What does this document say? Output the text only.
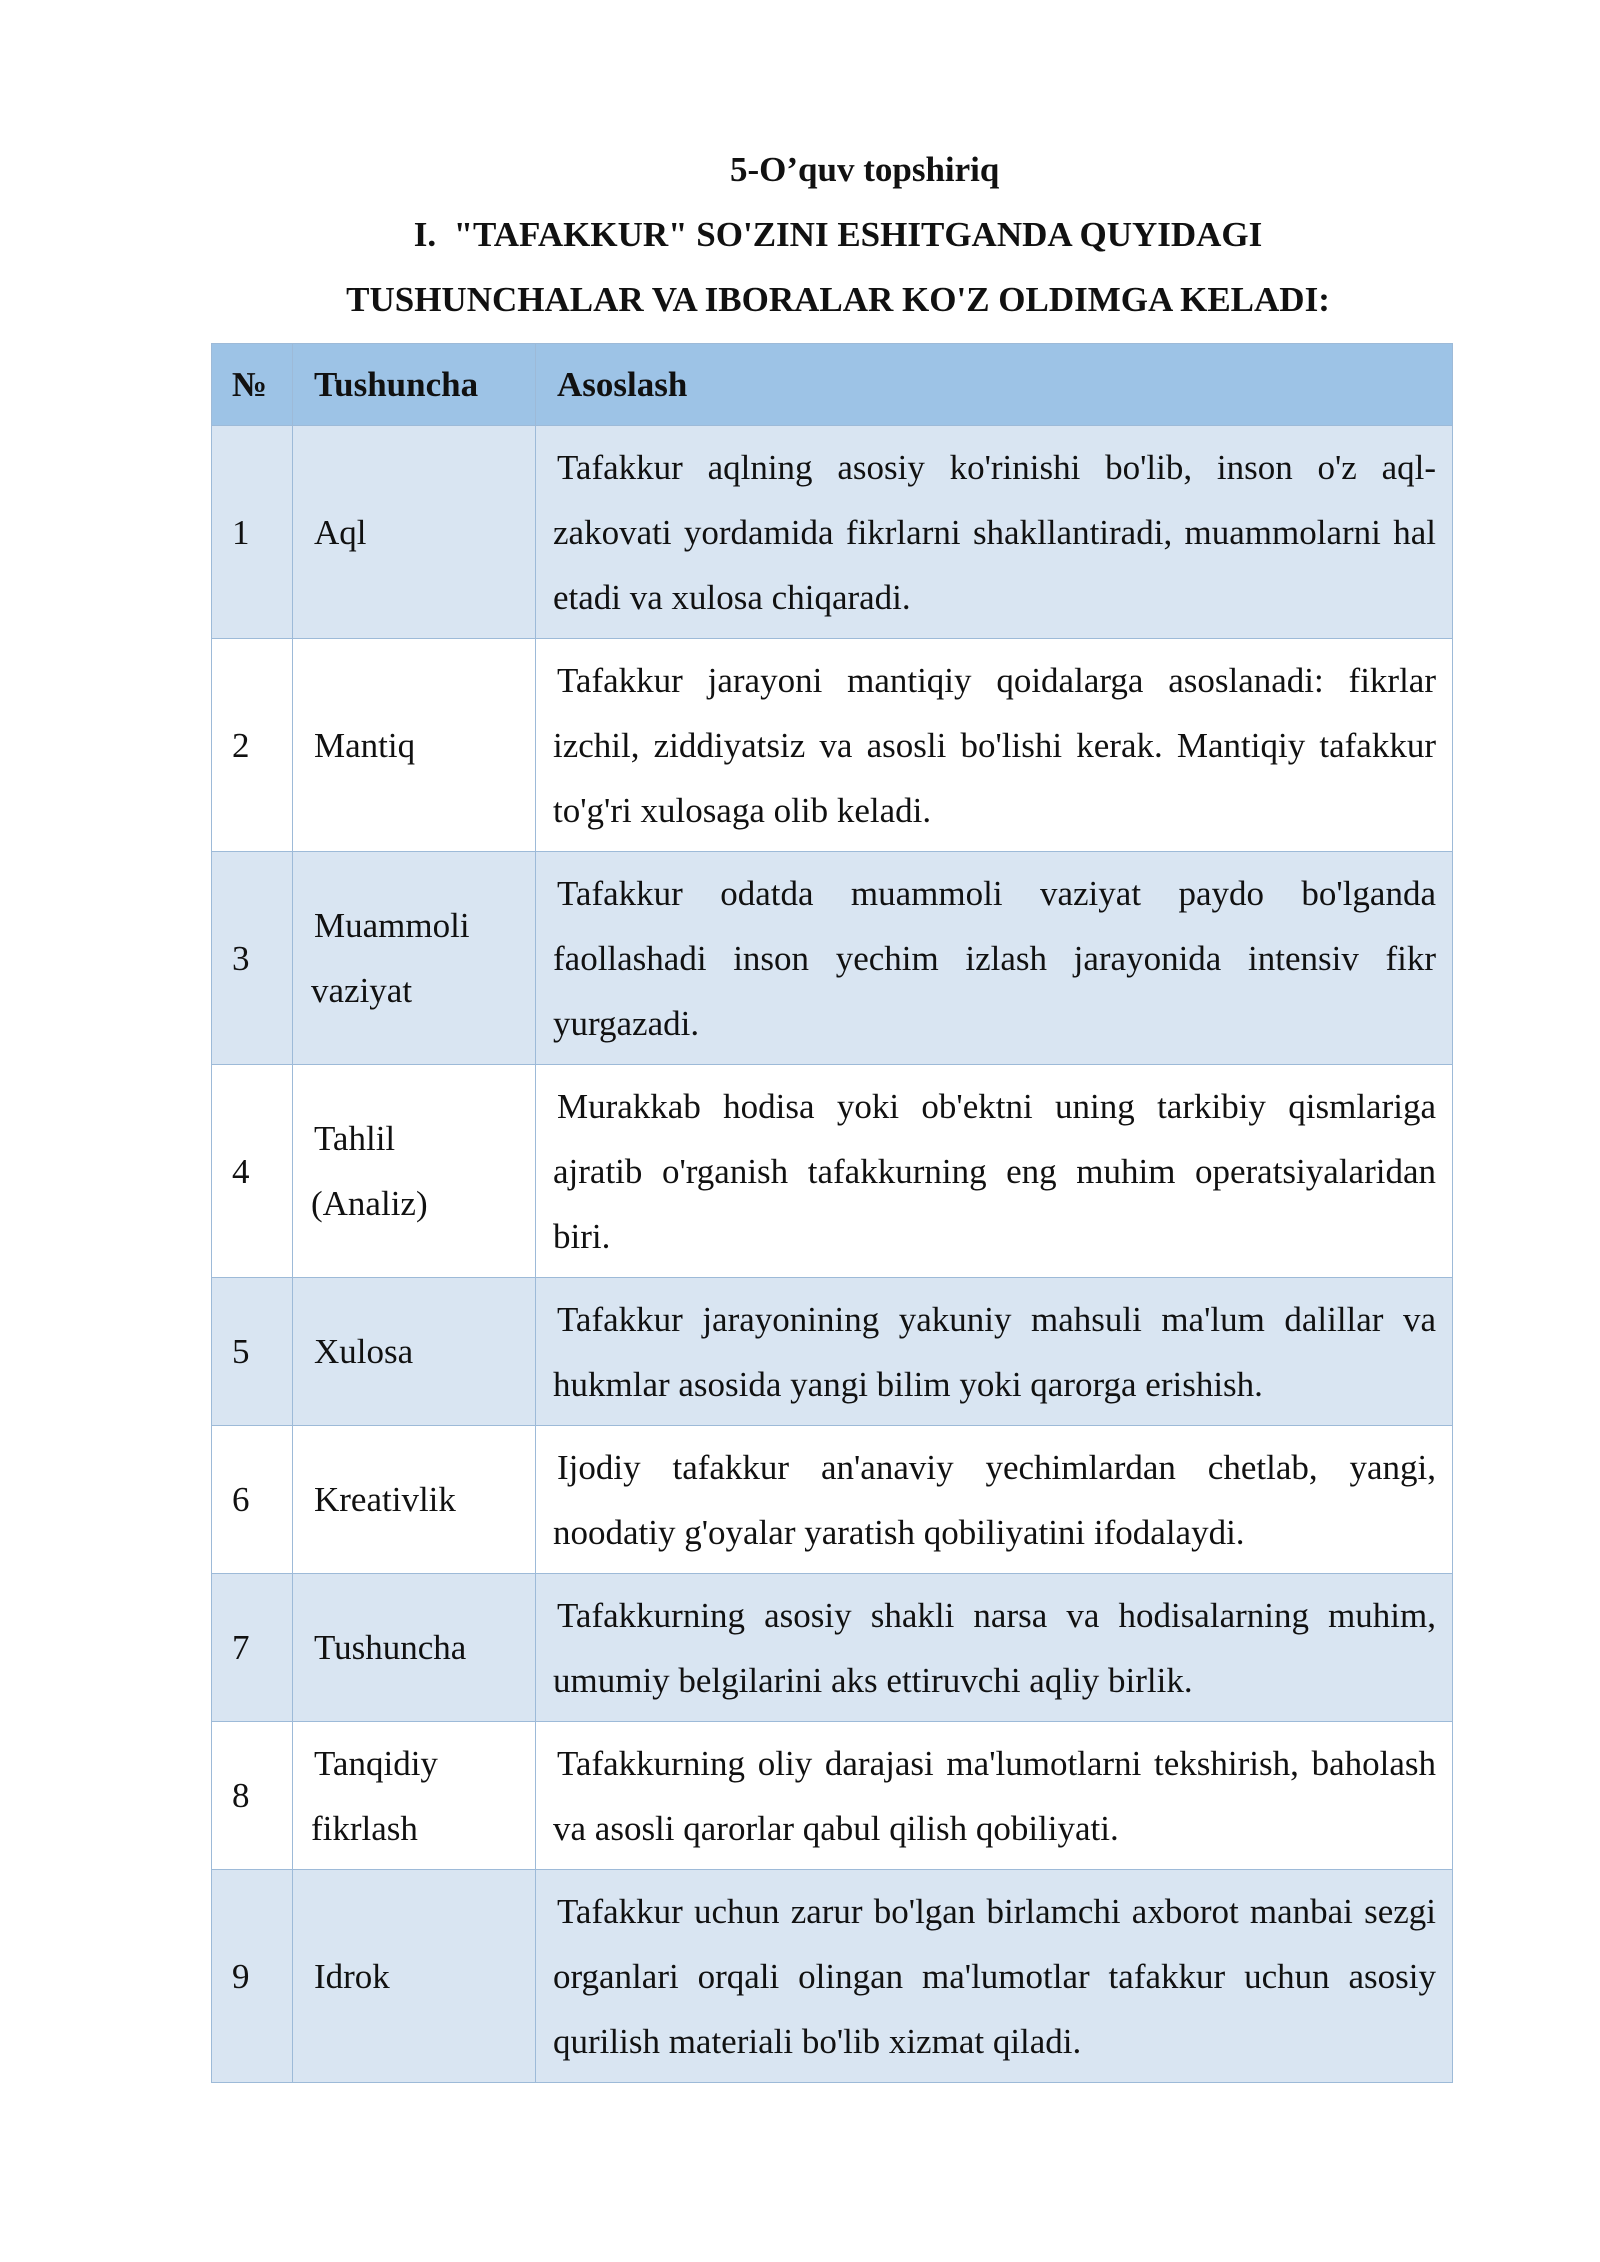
5-O’quv topshiriq
I.  "TAFAKKUR" SO'ZINI ESHITGANDA QUYIDAGI
TUSHUNCHALAR VA IBORALAR KO'Z OLDIMGA KELADI:
№	Tushuncha	Asoslash
1	Aql	Tafakkur aqlning asosiy ko'rinishi bo'lib, inson o'z aql-zakovati yordamida fikrlarni shakllantiradi, muammolarni hal etadi va xulosa chiqaradi.
2	Mantiq	Tafakkur jarayoni mantiqiy qoidalarga asoslanadi: fikrlar izchil, ziddiyatsiz va asosli bo'lishi kerak. Mantiqiy tafakkur to'g'ri xulosaga olib keladi.
3	Muammoli vaziyat	Tafakkur odatda muammoli vaziyat paydo bo'lganda faollashadi inson yechim izlash jarayonida intensiv fikr yurgazadi.
4	Tahlil (Analiz)	Murakkab hodisa yoki ob'ektni uning tarkibiy qismlariga ajratib o'rganish tafakkurning eng muhim operatsiyalaridan biri.
5	Xulosa	Tafakkur jarayonining yakuniy mahsuli ma'lum dalillar va hukmlar asosida yangi bilim yoki qarorga erishish.
6	Kreativlik	Ijodiy tafakkur an'anaviy yechimlardan chetlab, yangi, noodatiy g'oyalar yaratish qobiliyatini ifodalaydi.
7	Tushuncha	Tafakkurning asosiy shakli narsa va hodisalarning muhim, umumiy belgilarini aks ettiruvchi aqliy birlik.
8	Tanqidiy fikrlash	Tafakkurning oliy darajasi ma'lumotlarni tekshirish, baholash va asosli qarorlar qabul qilish qobiliyati.
9	Idrok	Tafakkur uchun zarur bo'lgan birlamchi axborot manbai sezgi organlari orqali olingan ma'lumotlar tafakkur uchun asosiy qurilish materiali bo'lib xizmat qiladi.
